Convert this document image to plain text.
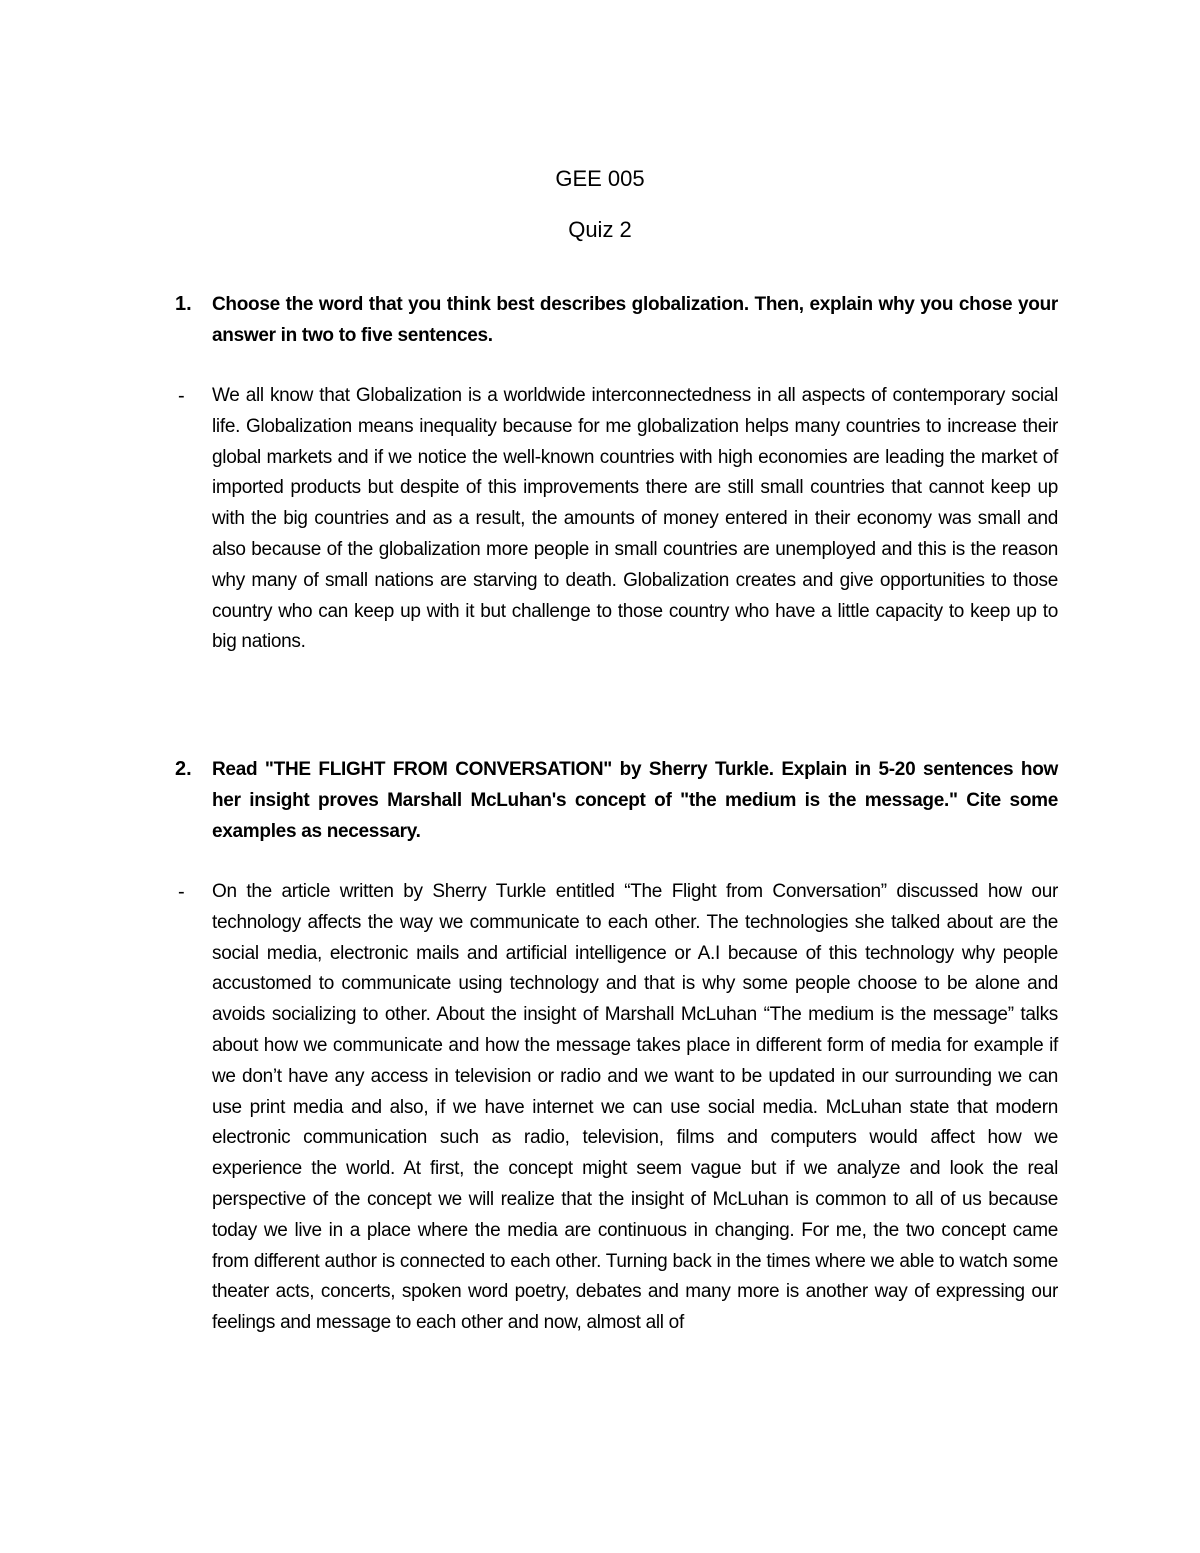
GEE 005
Quiz 2
1. Choose the word that you think best describes globalization. Then, explain why you chose your answer in two to five sentences.
- We all know that Globalization is a worldwide interconnectedness in all aspects of contemporary social life. Globalization means inequality because for me globalization helps many countries to increase their global markets and if we notice the well-known countries with high economies are leading the market of imported products but despite of this improvements there are still small countries that cannot keep up with the big countries and as a result, the amounts of money entered in their economy was small and also because of the globalization more people in small countries are unemployed and this is the reason why many of small nations are starving to death. Globalization creates and give opportunities to those country who can keep up with it but challenge to those country who have a little capacity to keep up to big nations.
2. Read "THE FLIGHT FROM CONVERSATION" by Sherry Turkle. Explain in 5-20 sentences how her insight proves Marshall McLuhan's concept of "the medium is the message." Cite some examples as necessary.
- On the article written by Sherry Turkle entitled “The Flight from Conversation” discussed how our technology affects the way we communicate to each other. The technologies she talked about are the social media, electronic mails and artificial intelligence or A.I because of this technology why people accustomed to communicate using technology and that is why some people choose to be alone and avoids socializing to other. About the insight of Marshall McLuhan “The medium is the message” talks about how we communicate and how the message takes place in different form of media for example if we don’t have any access in television or radio and we want to be updated in our surrounding we can use print media and also, if we have internet we can use social media. McLuhan state that modern electronic communication such as radio, television, films and computers would affect how we experience the world. At first, the concept might seem vague but if we analyze and look the real perspective of the concept we will realize that the insight of McLuhan is common to all of us because today we live in a place where the media are continuous in changing. For me, the two concept came from different author is connected to each other. Turning back in the times where we able to watch some theater acts, concerts, spoken word poetry, debates and many more is another way of expressing our feelings and message to each other and now, almost all of
